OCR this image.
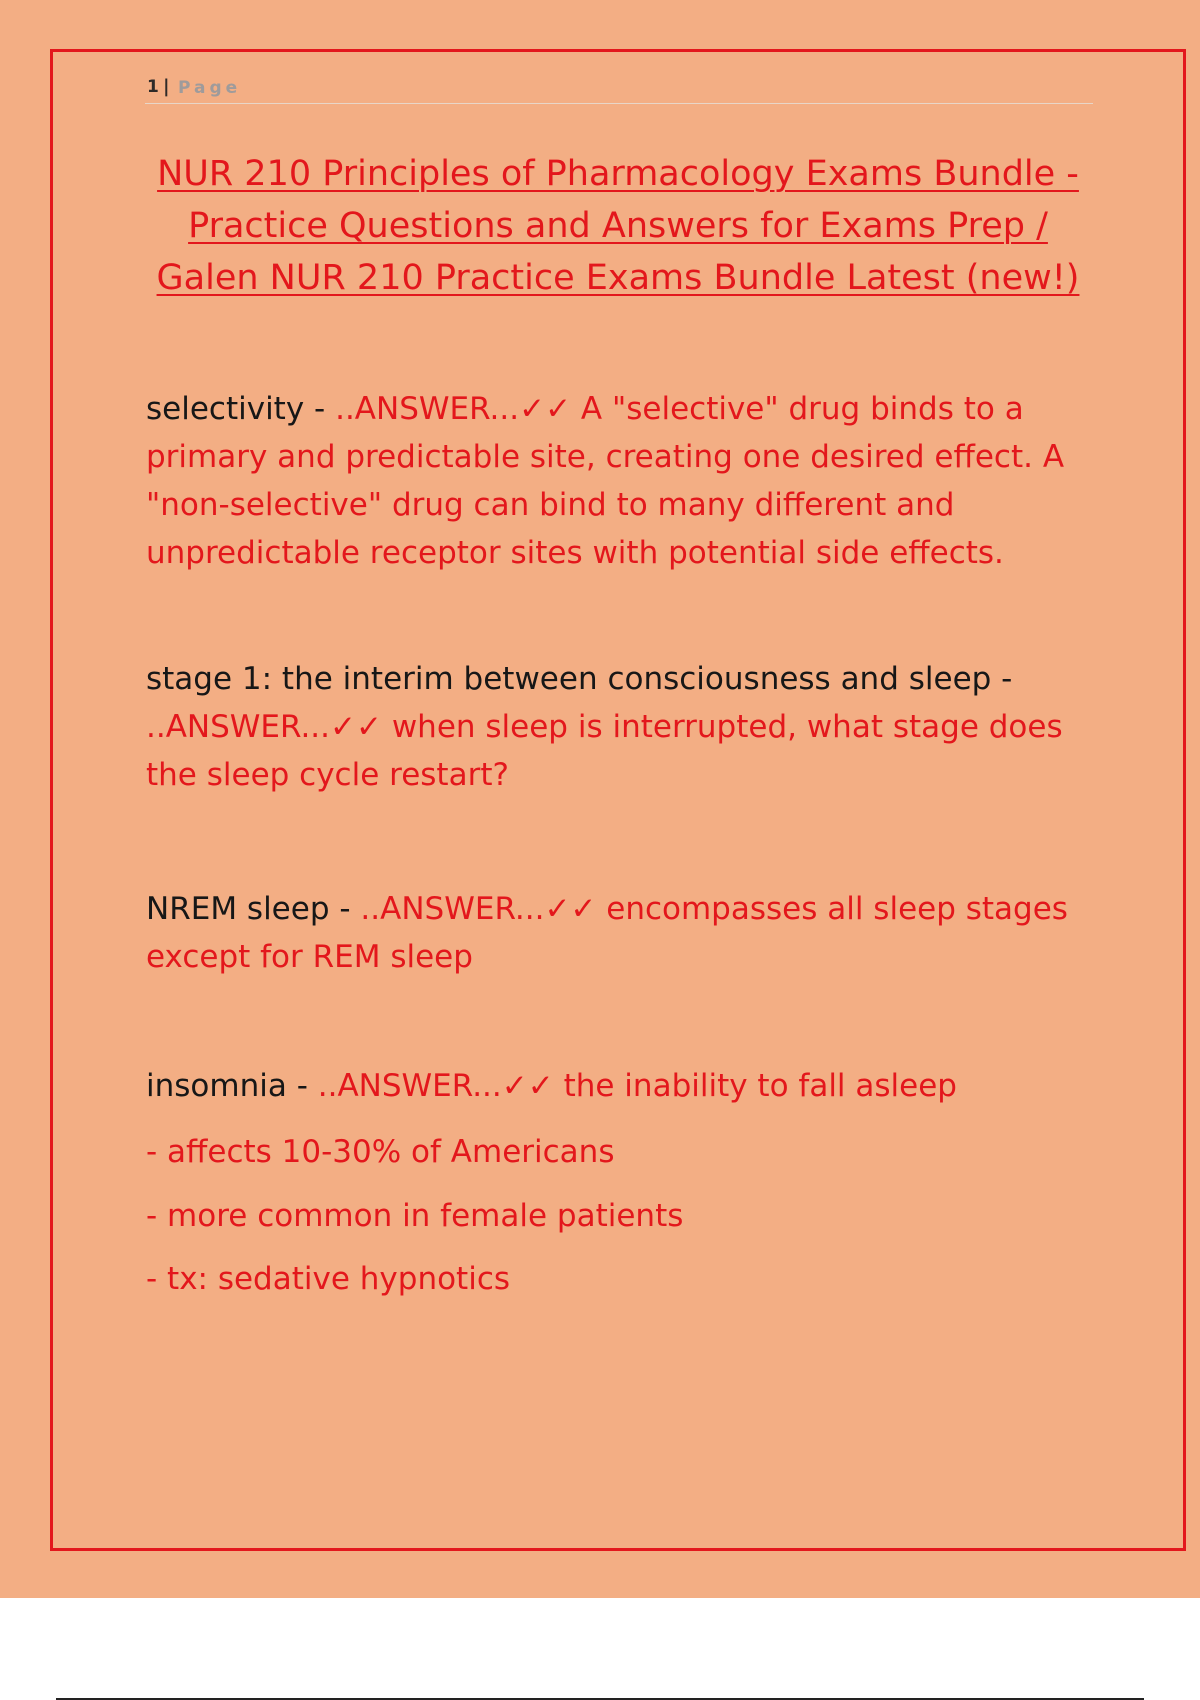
1 | Page
NUR 210 Principles of Pharmacology Exams Bundle - Practice Questions and Answers for Exams Prep / Galen NUR 210 Practice Exams Bundle Latest (new!)
selectivity - ..ANSWER...✓✓ A "selective" drug binds to a primary and predictable site, creating one desired effect. A "non-selective" drug can bind to many different and unpredictable receptor sites with potential side effects.
stage 1: the interim between consciousness and sleep -
..ANSWER...✓✓ when sleep is interrupted, what stage does the sleep cycle restart?
NREM sleep - ..ANSWER...✓✓ encompasses all sleep stages except for REM sleep
insomnia - ..ANSWER...✓✓ the inability to fall asleep
- affects 10-30% of Americans
- more common in female patients
- tx: sedative hypnotics
